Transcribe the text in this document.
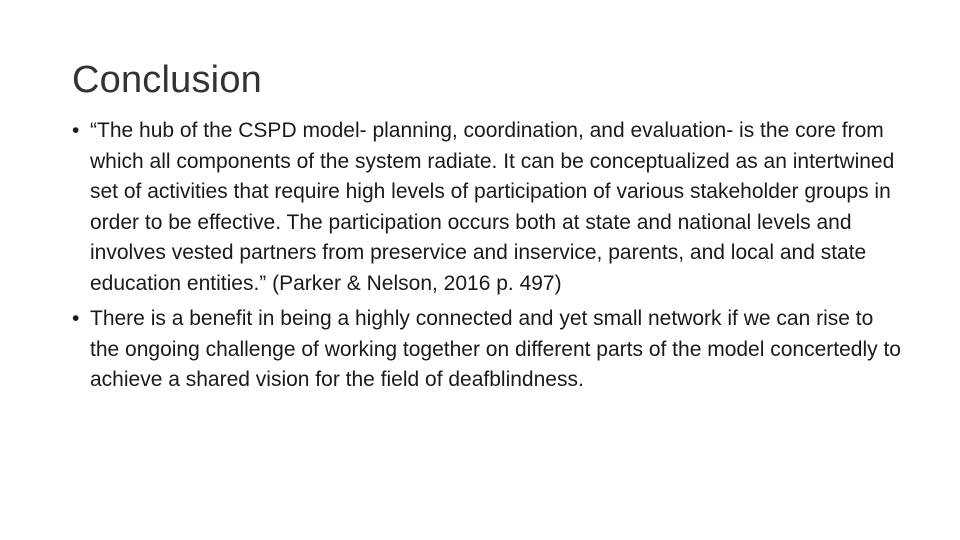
Conclusion
• “The hub of the CSPD model- planning, coordination, and evaluation- is the core from which all components of the system radiate. It can be conceptualized as an intertwined set of activities that require high levels of participation of various stakeholder groups in order to be effective. The participation occurs both at state and national levels and involves vested partners from preservice and inservice, parents, and local and state education entities.” (Parker & Nelson, 2016 p. 497)
• There is a benefit in being a highly connected and yet small network if we can rise to the ongoing challenge of working together on different parts of the model concertedly to achieve a shared vision for the field of deafblindness.
